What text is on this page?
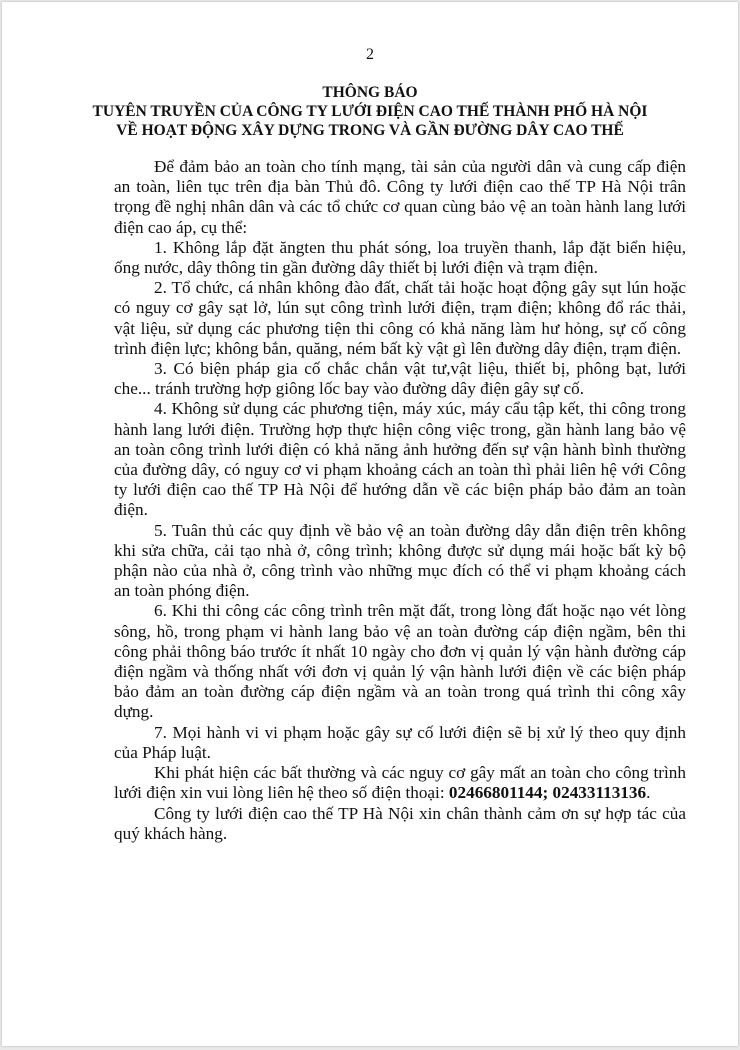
2
THÔNG BÁO
TUYÊN TRUYỀN CỦA CÔNG TY LƯỚI ĐIỆN CAO THẾ THÀNH PHỐ HÀ NỘI
VỀ HOẠT ĐỘNG XÂY DỰNG TRONG VÀ GẦN ĐƯỜNG DÂY CAO THẾ

Để đảm bảo an toàn cho tính mạng, tài sản của người dân và cung cấp điện an toàn, liên tục trên địa bàn Thủ đô. Công ty lưới điện cao thế TP Hà Nội trân trọng đề nghị nhân dân và các tổ chức cơ quan cùng bảo vệ an toàn hành lang lưới điện cao áp, cụ thể:

1. Không lắp đặt ăngten thu phát sóng, loa truyền thanh, lắp đặt biển hiệu, ống nước, dây thông tin gần đường dây thiết bị lưới điện và trạm điện.

2. Tổ chức, cá nhân không đào đất, chất tải hoặc hoạt động gây sụt lún hoặc có nguy cơ gây sạt lở, lún sụt công trình lưới điện, trạm điện; không đổ rác thải, vật liệu, sử dụng các phương tiện thi công có khả năng làm hư hỏng, sự cố công trình điện lực; không bắn, quăng, ném bất kỳ vật gì lên đường dây điện, trạm điện.

3. Có biện pháp gia cố chắc chắn vật tư,vật liệu, thiết bị, phông bạt, lưới che... tránh trường hợp giông lốc bay vào đường dây điện gây sự cố.

4. Không sử dụng các phương tiện, máy xúc, máy cẩu tập kết, thi công trong hành lang lưới điện. Trường hợp thực hiện công việc trong, gần hành lang bảo vệ an toàn công trình lưới điện có khả năng ảnh hưởng đến sự vận hành bình thường của đường dây, có nguy cơ vi phạm khoảng cách an toàn thì phải liên hệ với Công ty lưới điện cao thế TP Hà Nội để hướng dẫn về các biện pháp bảo đảm an toàn điện.

5. Tuân thủ các quy định về bảo vệ an toàn đường dây dẫn điện trên không khi sửa chữa, cải tạo nhà ở, công trình; không được sử dụng mái hoặc bất kỳ bộ phận nào của nhà ở, công trình vào những mục đích có thể vi phạm khoảng cách an toàn phóng điện.

6. Khi thi công các công trình trên mặt đất, trong lòng đất hoặc nạo vét lòng sông, hồ, trong phạm vi hành lang bảo vệ an toàn đường cáp điện ngầm, bên thi công phải thông báo trước ít nhất 10 ngày cho đơn vị quản lý vận hành đường cáp điện ngầm và thống nhất với đơn vị quản lý vận hành lưới điện về các biện pháp bảo đảm an toàn đường cáp điện ngầm và an toàn trong quá trình thi công xây dựng.

7. Mọi hành vi vi phạm hoặc gây sự cố lưới điện sẽ bị xử lý theo quy định của Pháp luật.

Khi phát hiện các bất thường và các nguy cơ gây mất an toàn cho công trình lưới điện xin vui lòng liên hệ theo số điện thoại: 02466801144; 02433113136.

Công ty lưới điện cao thế TP Hà Nội xin chân thành cảm ơn sự hợp tác của quý khách hàng.
